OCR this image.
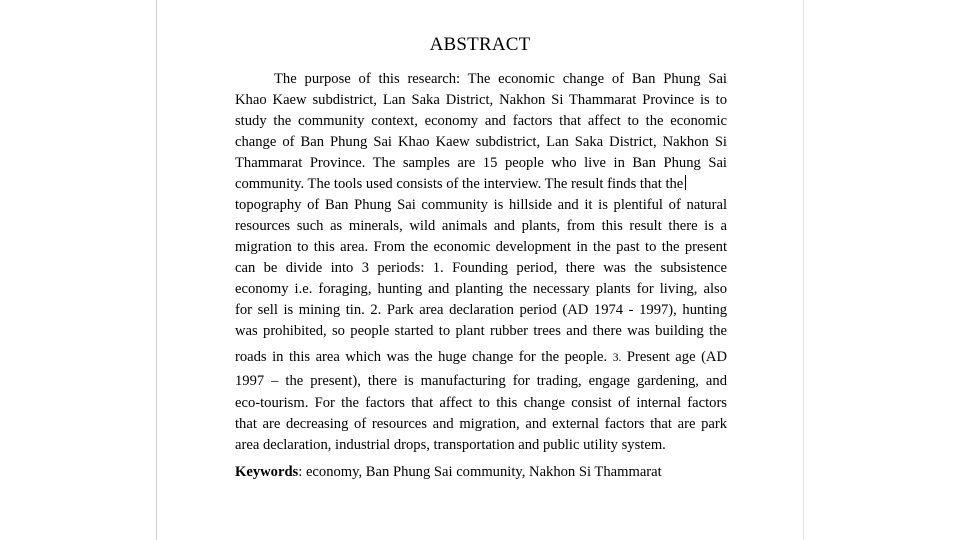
ABSTRACT
The purpose of this research: The economic change of Ban Phung Sai
Khao Kaew subdistrict, Lan Saka District, Nakhon Si Thammarat Province is to
study the community context, economy and factors that affect to the economic
change of Ban Phung Sai Khao Kaew subdistrict, Lan Saka District, Nakhon Si
Thammarat Province. The samples are 15 people who live in Ban Phung Sai
community. The tools used consists of the interview. The result finds that the
topography of Ban Phung Sai community is hillside and it is plentiful of natural
resources such as minerals, wild animals and plants, from this result there is a
migration to this area. From the economic development in the past to the present
can be divide into 3 periods: 1. Founding period, there was the subsistence
economy i.e. foraging, hunting and planting the necessary plants for living, also
for sell is mining tin. 2. Park area declaration period (AD 1974 - 1997), hunting
was prohibited, so people started to plant rubber trees and there was building the
roads in this area which was the huge change for the people. 3. Present age (AD
1997 – the present), there is manufacturing for trading, engage gardening, and
eco-tourism. For the factors that affect to this change consist of internal factors
that are decreasing of resources and migration, and external factors that are park
area declaration, industrial drops, transportation and public utility system.
Keywords: economy, Ban Phung Sai community, Nakhon Si Thammarat
